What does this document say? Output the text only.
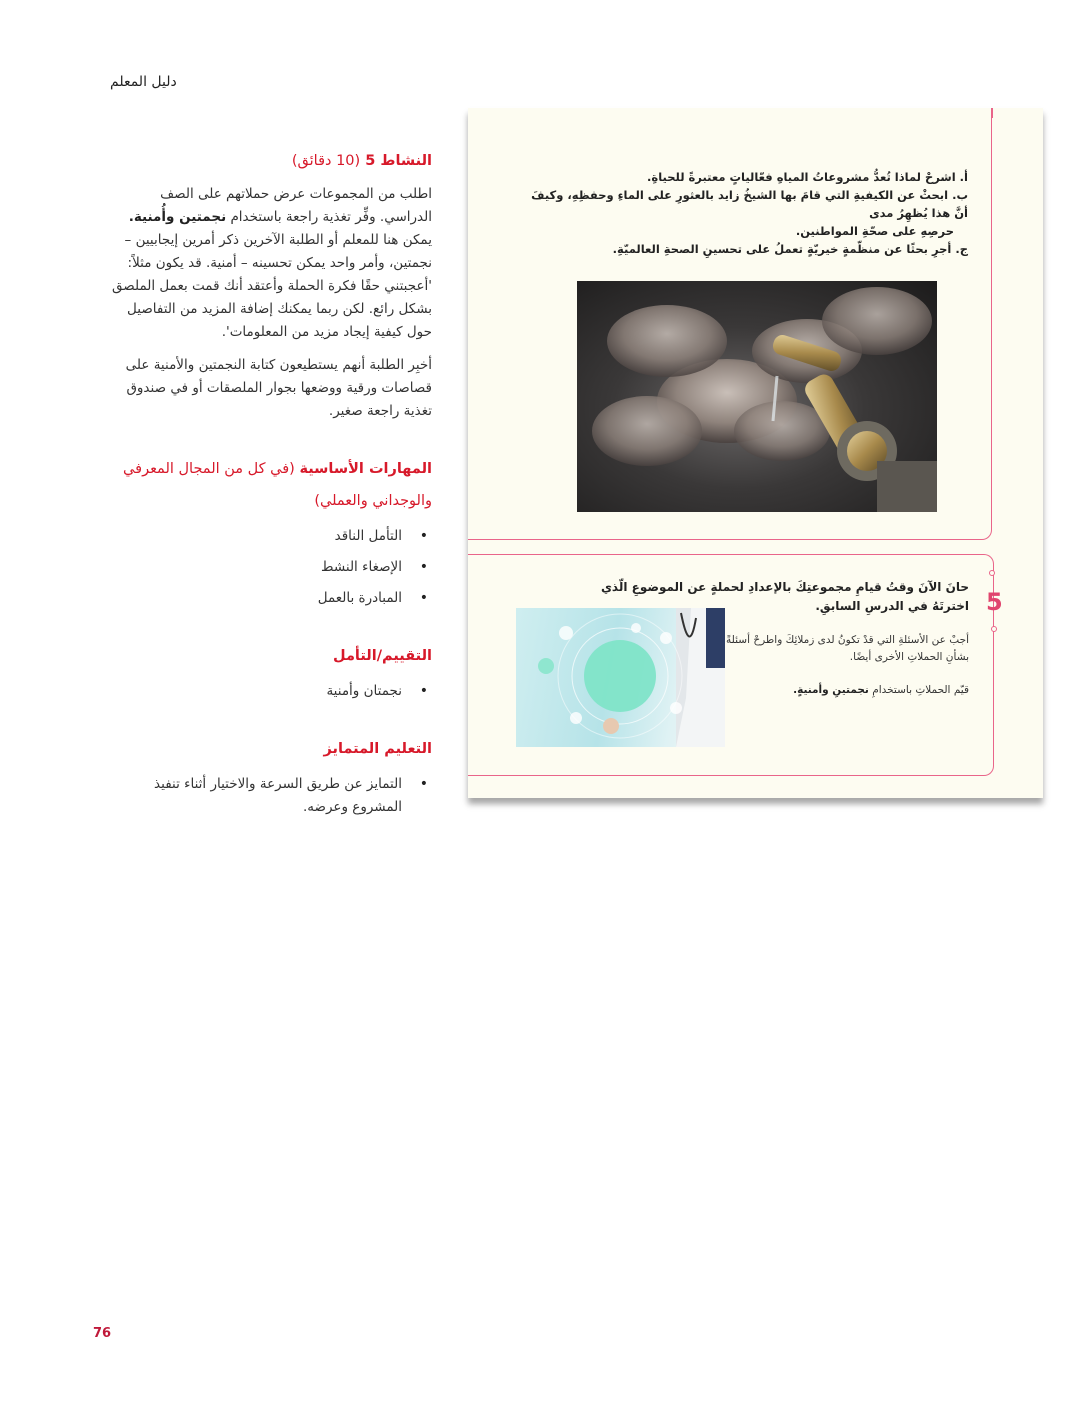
دليل المعلم
النشاط 5 (10 دقائق)

اطلب من المجموعات عرض حملاتهم على الصف الدراسي. وفِّر تغذية راجعة باستخدام نجمتين وأُمنية. يمكن هنا للمعلم أو الطلبة الآخرين ذكر أمرين إيجابيين – نجمتين، وأمر واحد يمكن تحسينه – أمنية. قد يكون مثلاً: 'أعجبتني حقًا فكرة الحملة وأعتقد أنك قمت بعمل الملصق بشكل رائع. لكن ربما يمكنك إضافة المزيد من التفاصيل حول كيفية إيجاد مزيد من المعلومات'.

أخبِر الطلبة أنهم يستطيعون كتابة النجمتين والأمنية على قصاصات ورقية ووضعها بجوار الملصقات أو في صندوق تغذية راجعة صغير.

المهارات الأساسية (في كل من المجال المعرفي والوجداني والعملي)
• التأمل الناقد
• الإصغاء النشط
• المبادرة بالعمل
التقييم/التأمل
• نجمتان وأمنية
التعليم المتمايز
• التمايز عن طريق السرعة والاختيار أثناء تنفيذ المشروع وعرضه.
أ. اشرحْ لماذا تُعدُّ مشروعاتُ المياهِ فعّالياتٍ معتبرةً للحياةِ.
ب. ابحثْ عن الكيفيةِ التي قامَ بها الشيخُ زايد بالعثورِ على الماءِ وحفظِهِ، وكيفَ أنَّ هذا يُظهِرُ مدى
حرصِهِ على صحّةِ المواطنين.
ج. أجرِ بحثًا عن منظّمةٍ خيريّةٍ تعملُ على تحسينِ الصحةِ العالميّةِ.
5
حانَ الآنَ وقتُ قيامِ مجموعتِكَ بالإعدادِ لحملةٍ عن الموضوعِ الّذي اخترتَهُ في الدرسِ السابقِ.
أجبْ عن الأسئلةِ التي قدْ تكونُ لدى زملائِكَ واطرحْ أسئلةً بشأنِ الحملاتِ الأخرى أيضًا.
قيّم الحملاتِ باستخدامِ نجمتينِ وأمنيةٍ.
76
